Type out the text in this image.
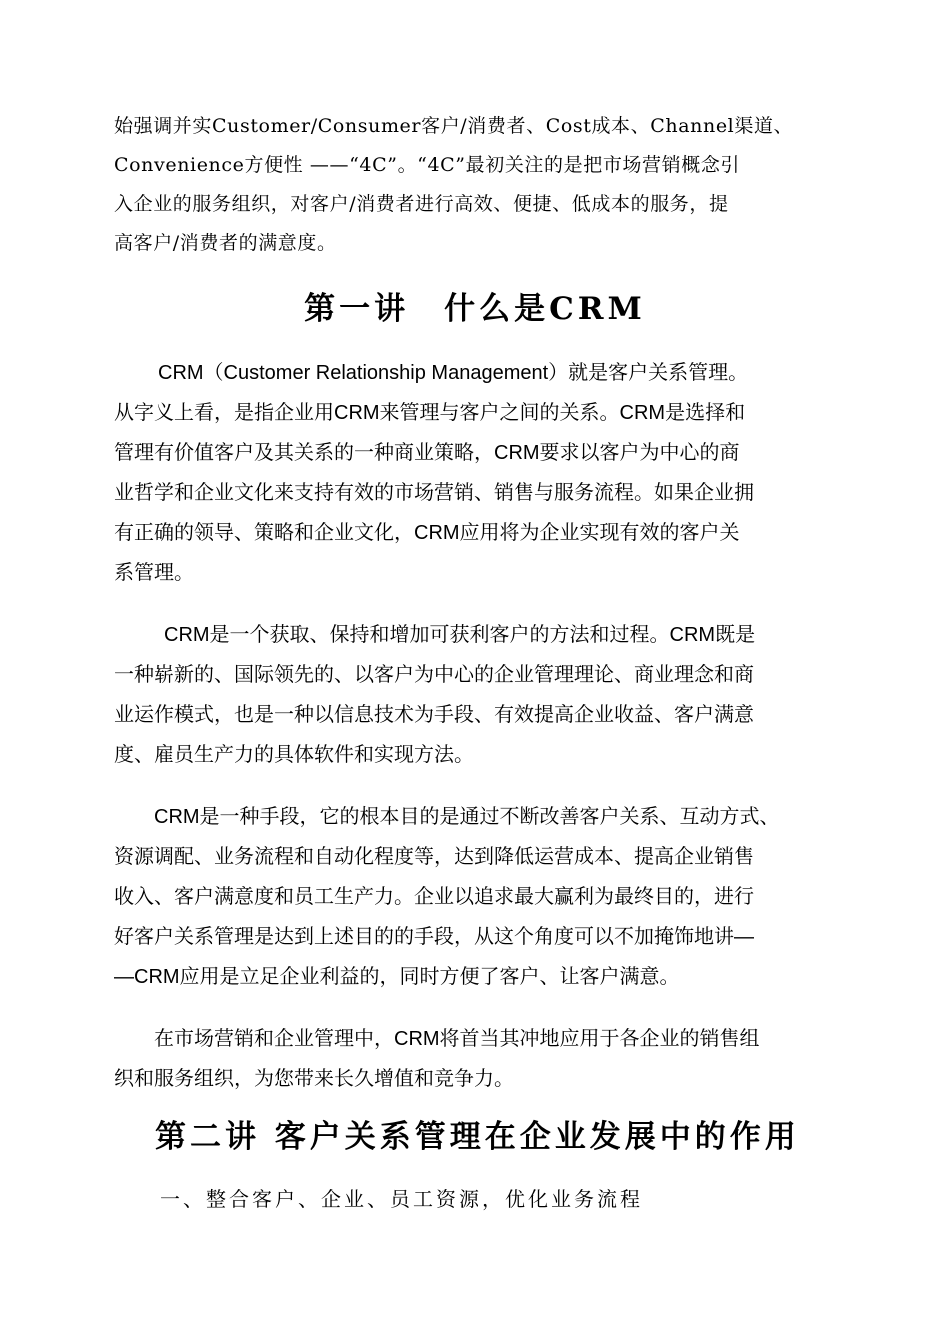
始强调并实Customer/Consumer客户/消费者、Cost成本、Channel渠道、
Convenience方便性 ——“4C”。“4C”最初关注的是把市场营销概念引
入企业的服务组织，对客户/消费者进行高效、便捷、低成本的服务，提
高客户/消费者的满意度。
第一讲　什么是CRM
CRM（Customer Relationship Management）就是客户关系管理。
从字义上看，是指企业用CRM来管理与客户之间的关系。CRM是选择和
管理有价值客户及其关系的一种商业策略，CRM要求以客户为中心的商
业哲学和企业文化来支持有效的市场营销、销售与服务流程。如果企业拥
有正确的领导、策略和企业文化，CRM应用将为企业实现有效的客户关
系管理。
CRM是一个获取、保持和增加可获利客户的方法和过程。CRM既是
一种崭新的、国际领先的、以客户为中心的企业管理理论、商业理念和商
业运作模式，也是一种以信息技术为手段、有效提高企业收益、客户满意
度、雇员生产力的具体软件和实现方法。
CRM是一种手段，它的根本目的是通过不断改善客户关系、互动方式、
资源调配、业务流程和自动化程度等，达到降低运营成本、提高企业销售
收入、客户满意度和员工生产力。企业以追求最大赢利为最终目的，进行
好客户关系管理是达到上述目的的手段，从这个角度可以不加掩饰地讲—
—CRM应用是立足企业利益的，同时方便了客户、让客户满意。
在市场营销和企业管理中，CRM将首当其冲地应用于各企业的销售组
织和服务组织，为您带来长久增值和竞争力。
第二讲 客户关系管理在企业发展中的作用
一、整合客户、企业、员工资源，优化业务流程
